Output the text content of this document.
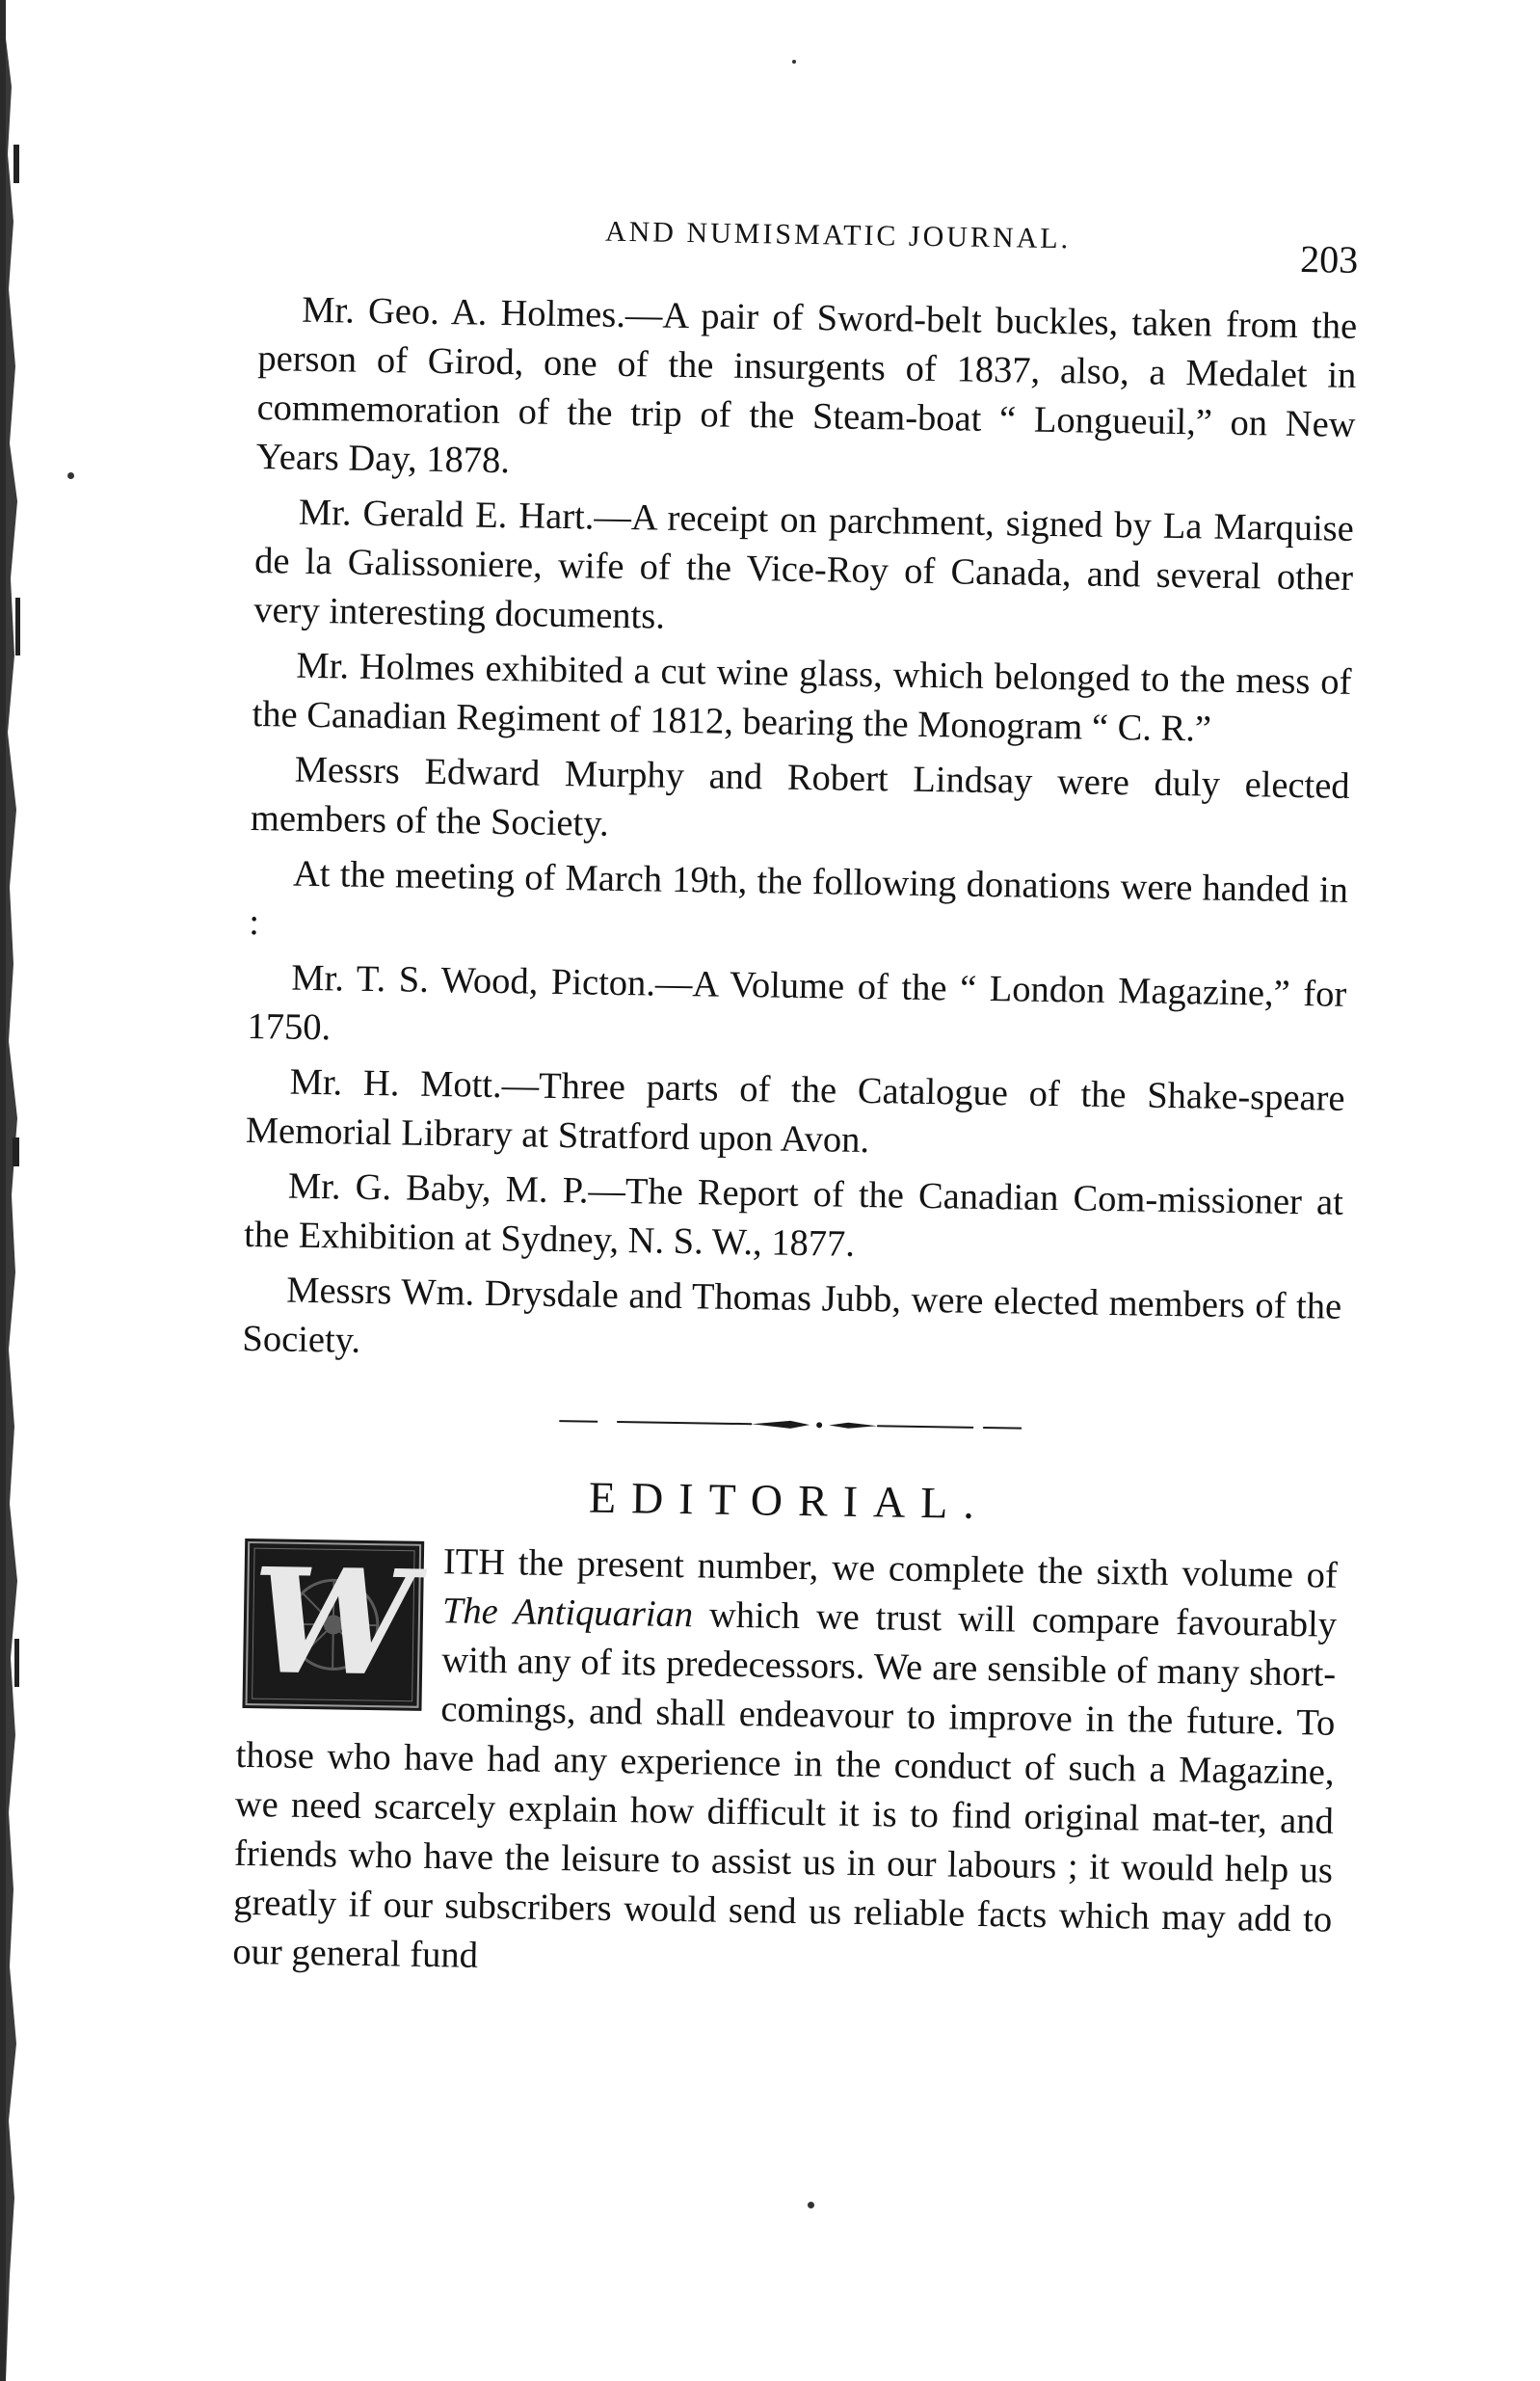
AND NUMISMATIC JOURNAL.
203

Mr. Geo. A. Holmes.—A pair of Sword-belt buckles, taken from the person of Girod, one of the insurgents of 1837, also, a Medalet in commemoration of the trip of the Steam-boat “ Longueuil,” on New Years Day, 1878.

Mr. Gerald E. Hart.—A receipt on parchment, signed by La Marquise de la Galissoniere, wife of the Vice-Roy of Canada, and several other very interesting documents.

Mr. Holmes exhibited a cut wine glass, which belonged to the mess of the Canadian Regiment of 1812, bearing the Monogram “ C. R.”

Messrs Edward Murphy and Robert Lindsay were duly elected members of the Society.

At the meeting of March 19th, the following donations were handed in :

Mr. T. S. Wood, Picton.—A Volume of the “ London Magazine,” for 1750.

Mr. H. Mott.—Three parts of the Catalogue of the Shake-speare Memorial Library at Stratford upon Avon.

Mr. G. Baby, M. P.—The Report of the Canadian Com-missioner at the Exhibition at Sydney, N. S. W., 1877.

Messrs Wm. Drysdale and Thomas Jubb, were elected members of the Society.

EDITORIAL.

W ITH the present number, we complete the sixth volume of The Antiquarian which we trust will compare favourably with any of its predecessors. We are sensible of many short-comings, and shall endeavour to improve in the future. To those who have had any experience in the conduct of such a Magazine, we need scarcely explain how difficult it is to find original mat-ter, and friends who have the leisure to assist us in our labours ; it would help us greatly if our subscribers would send us reliable facts which may add to our general fund
